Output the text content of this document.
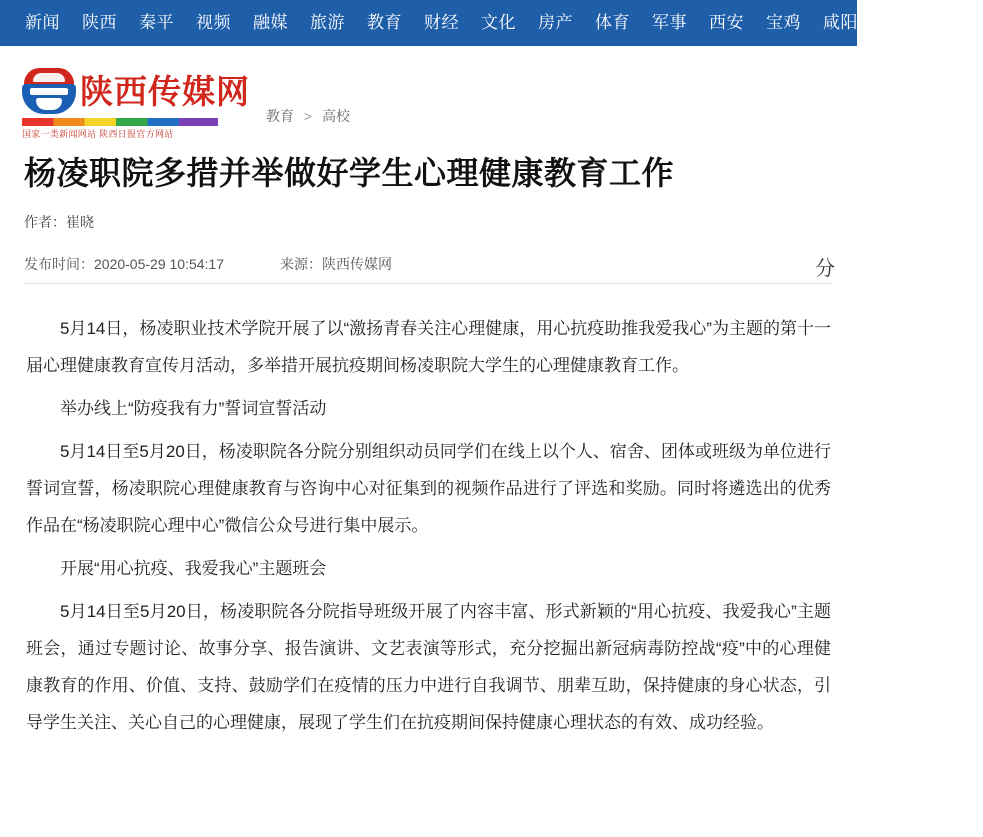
新闻	陕西	秦平	视频	融媒	旅游	教育	财经	文化	房产	体育	军事	西安	宝鸡	咸阳	铜川	渭南
陕西传媒网
国家一类新闻网站 陕西日报官方网站
教育 > 高校
杨凌职院多措并举做好学生心理健康教育工作
作者：崔晓
发布时间：2020-05-29 10:54:17	来源：陕西传媒网	分

5月14日，杨凌职业技术学院开展了以“激扬青春关注心理健康，用心抗疫助推我爱我心”为主题的第十一届心理健康教育宣传月活动，多举措开展抗疫期间杨凌职院大学生的心理健康教育工作。

举办线上“防疫我有力”誓词宣誓活动

5月14日至5月20日，杨凌职院各分院分别组织动员同学们在线上以个人、宿舍、团体或班级为单位进行誓词宣誓，杨凌职院心理健康教育与咨询中心对征集到的视频作品进行了评选和奖励。同时将遴选出的优秀作品在“杨凌职院心理中心”微信公众号进行集中展示。

开展“用心抗疫、我爱我心”主题班会

5月14日至5月20日，杨凌职院各分院指导班级开展了内容丰富、形式新颖的“用心抗疫、我爱我心”主题班会，通过专题讨论、故事分享、报告演讲、文艺表演等形式，充分挖掘出新冠病毒防控战“疫”中的心理健康教育的作用、价值、支持、鼓励学们在疫情的压力中进行自我调节、朋辈互助，保持健康的身心状态，引导学生关注、关心自己的心理健康，展现了学生们在抗疫期间保持健康心理状态的有效、成功经验。
